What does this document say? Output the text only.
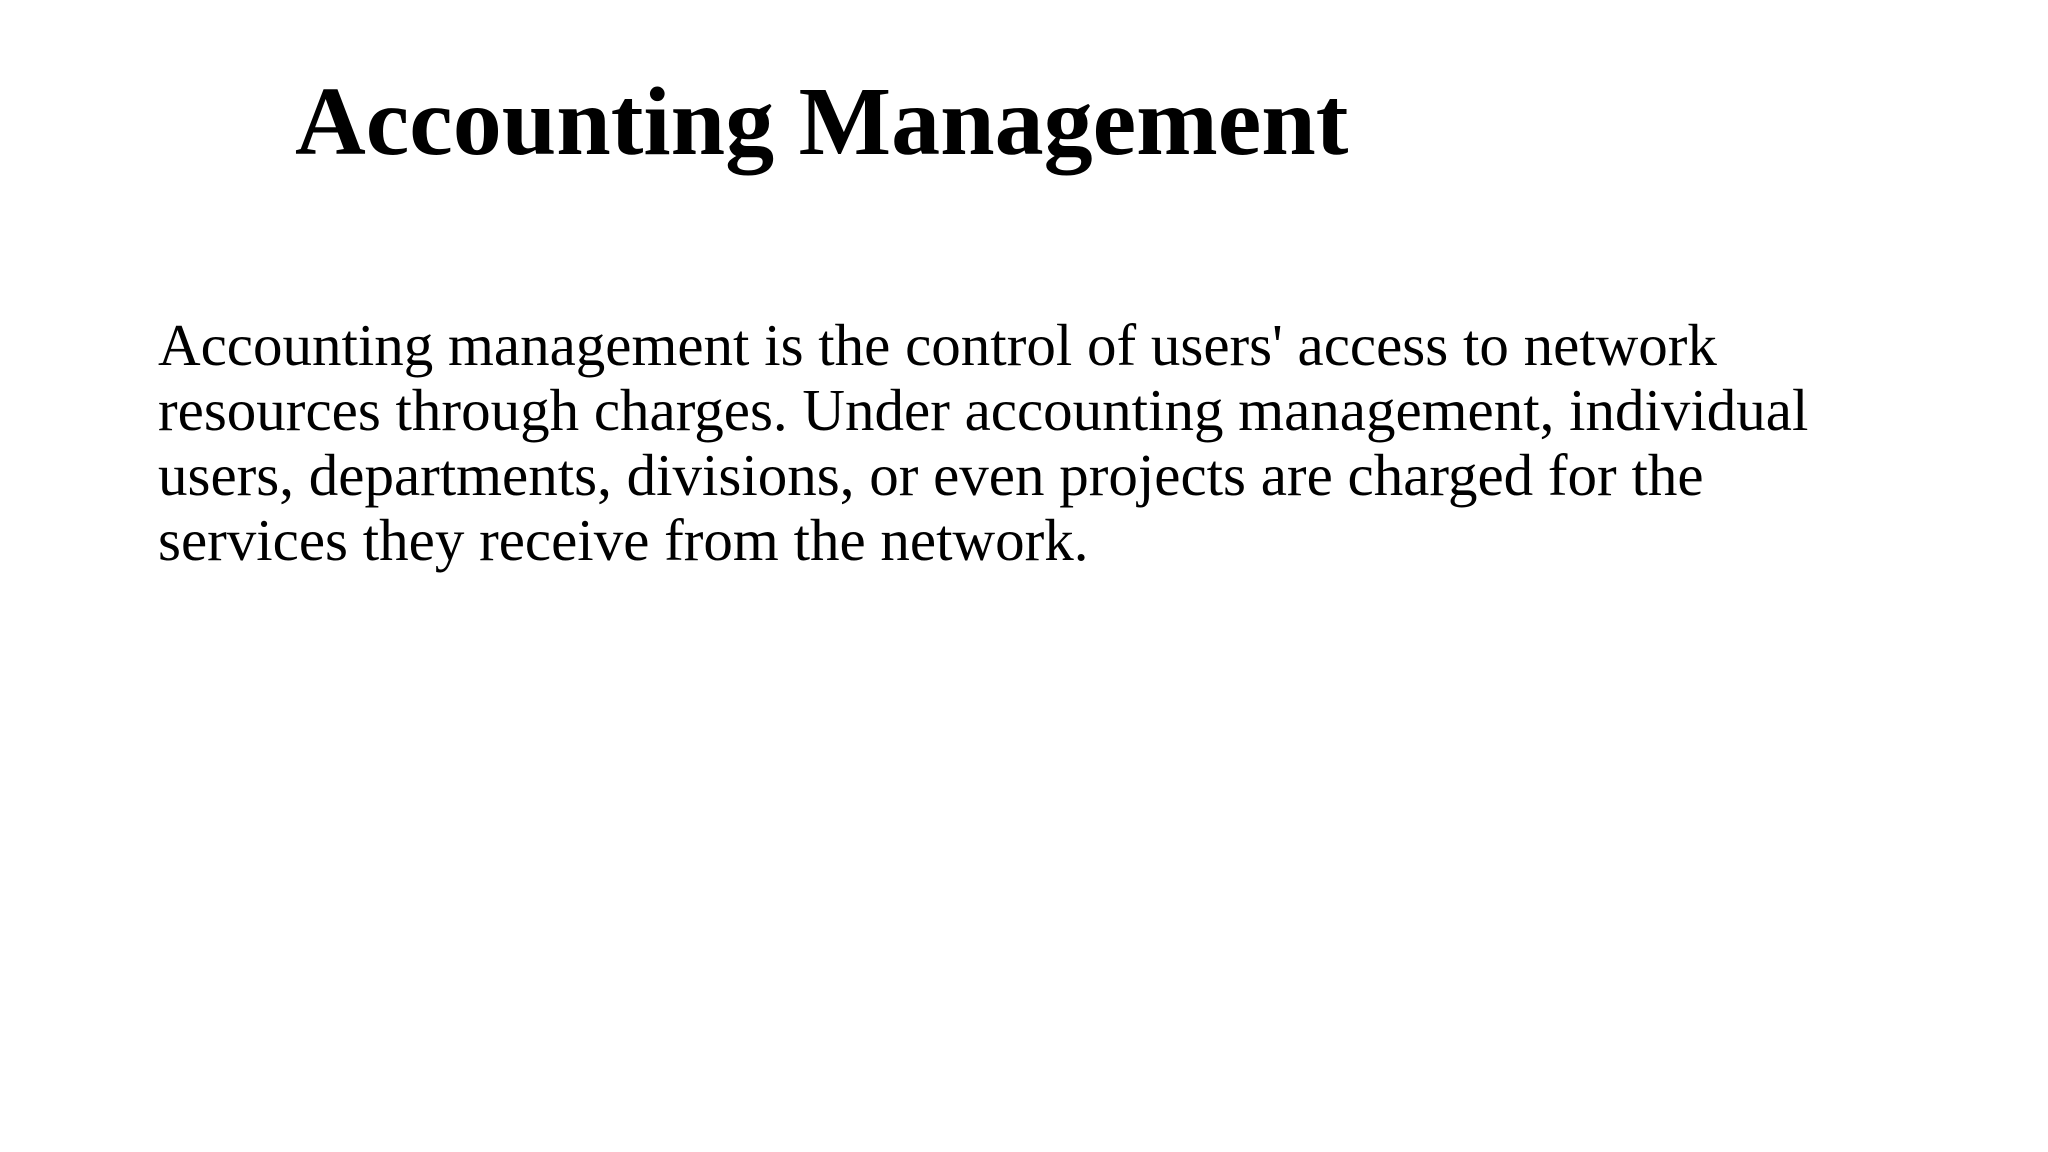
Accounting Management

Accounting management is the control of users' access to network
resources through charges. Under accounting management, individual
users, departments, divisions, or even projects are charged for the
services they receive from the network.
